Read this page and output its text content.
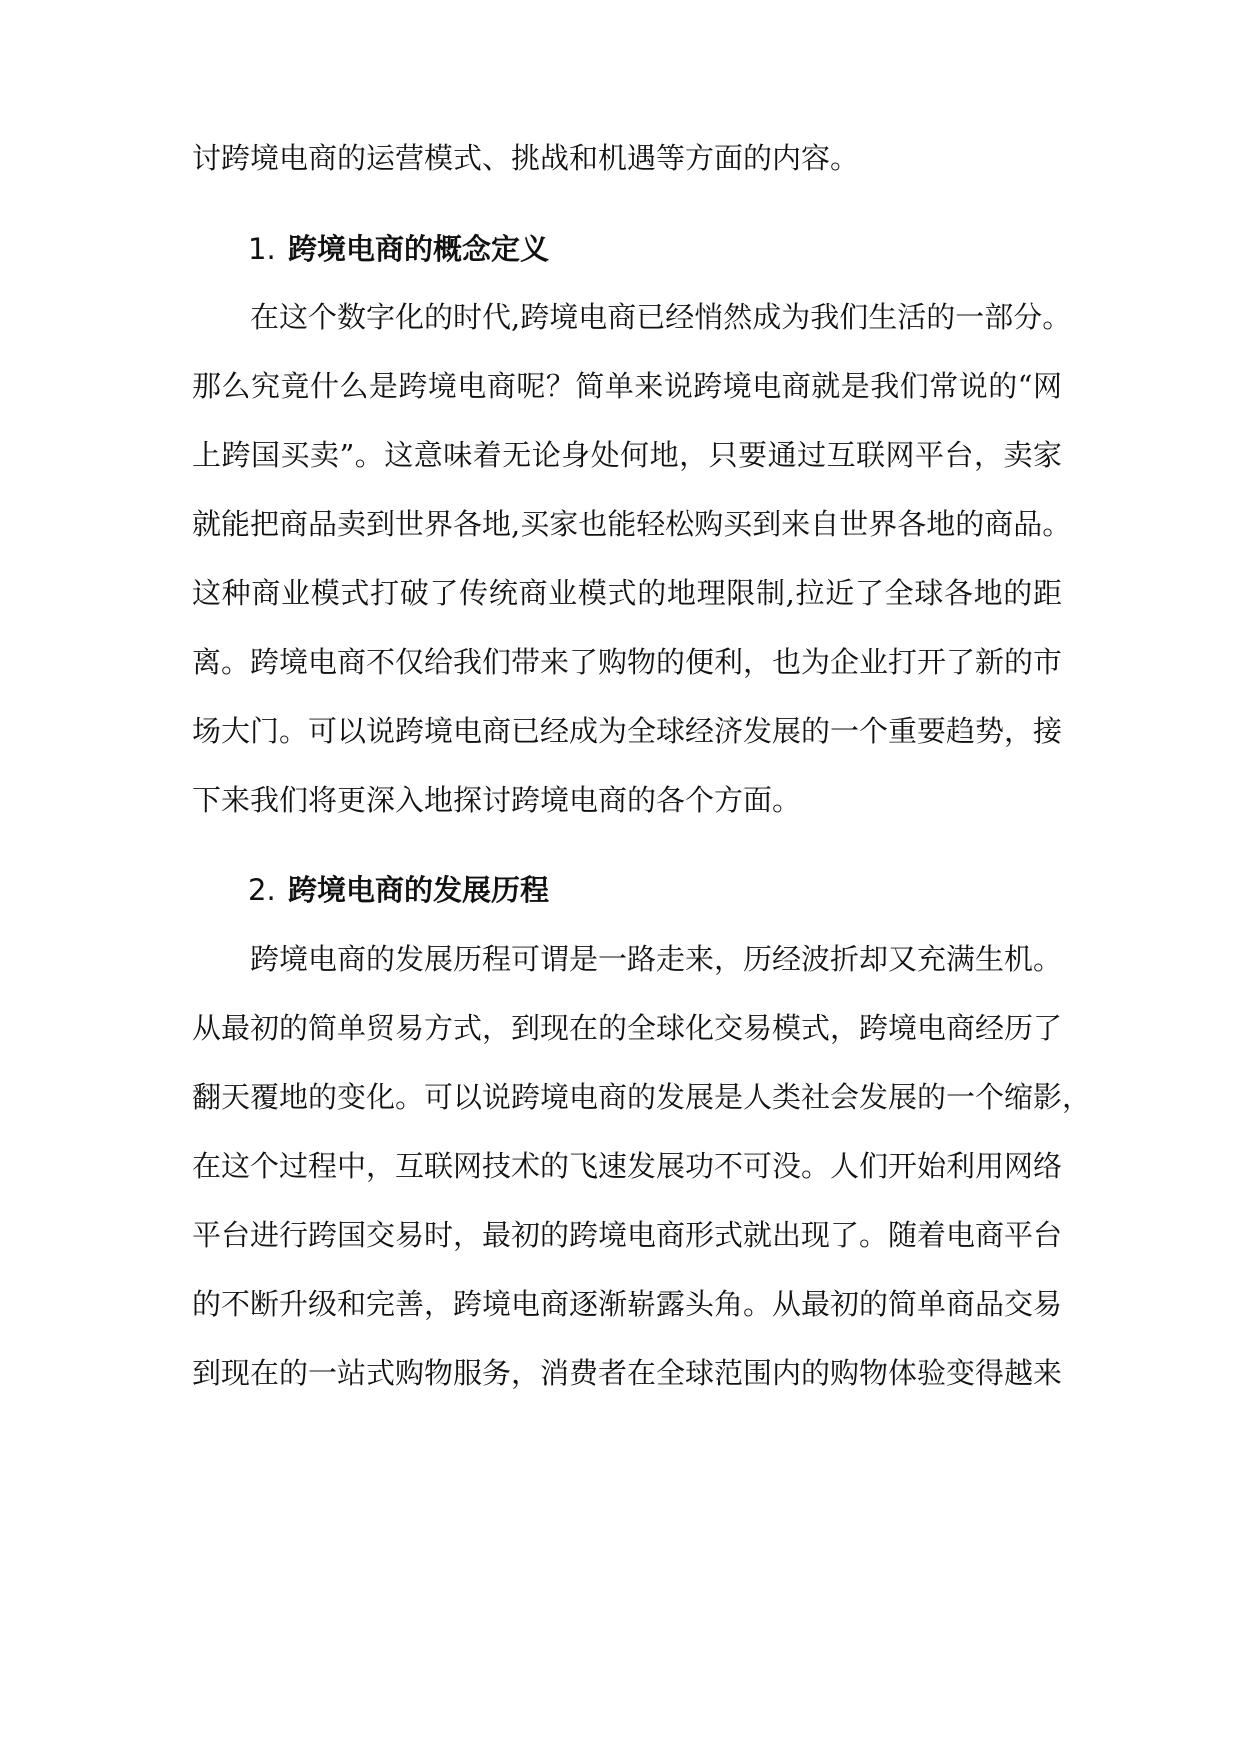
讨跨境电商的运营模式、挑战和机遇等方面的内容。
1. 跨境电商的概念定义
在这个数字化的时代,跨境电商已经悄然成为我们生活的一部分。
那么究竟什么是跨境电商呢？简单来说跨境电商就是我们常说的“网
上跨国买卖”。这意味着无论身处何地，只要通过互联网平台，卖家
就能把商品卖到世界各地,买家也能轻松购买到来自世界各地的商品。
这种商业模式打破了传统商业模式的地理限制,拉近了全球各地的距
离。跨境电商不仅给我们带来了购物的便利，也为企业打开了新的市
场大门。可以说跨境电商已经成为全球经济发展的一个重要趋势，接
下来我们将更深入地探讨跨境电商的各个方面。
2. 跨境电商的发展历程
跨境电商的发展历程可谓是一路走来，历经波折却又充满生机。
从最初的简单贸易方式，到现在的全球化交易模式，跨境电商经历了
翻天覆地的变化。可以说跨境电商的发展是人类社会发展的一个缩影，
在这个过程中，互联网技术的飞速发展功不可没。人们开始利用网络
平台进行跨国交易时，最初的跨境电商形式就出现了。随着电商平台
的不断升级和完善，跨境电商逐渐崭露头角。从最初的简单商品交易
到现在的一站式购物服务，消费者在全球范围内的购物体验变得越来
